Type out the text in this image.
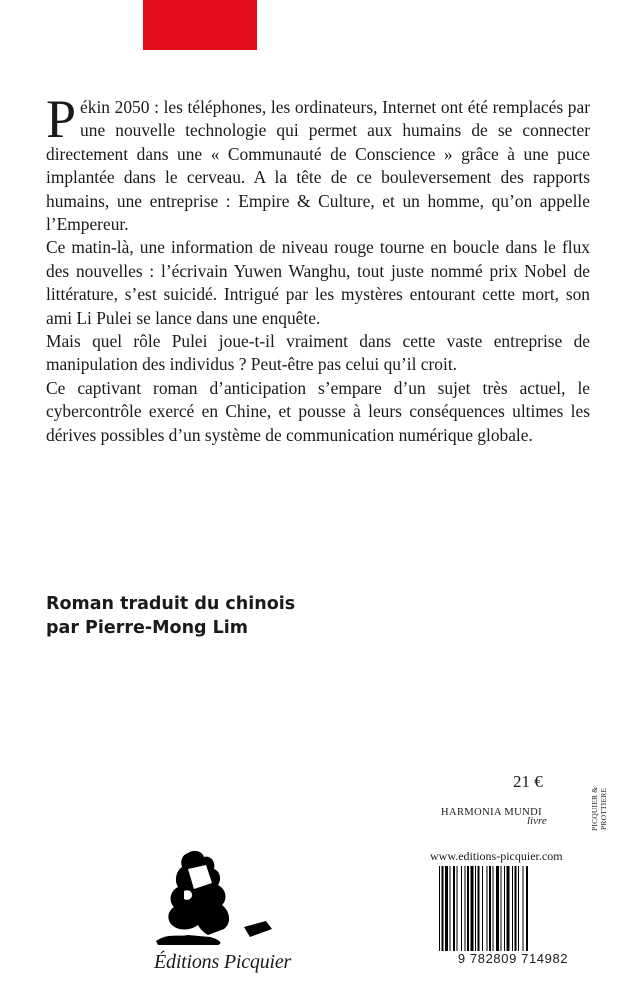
Pékin 2050 : les téléphones, les ordinateurs, Internet ont été remplacés par une nouvelle technologie qui permet aux humains de se connecter directement dans une « Communauté de Conscience » grâce à une puce implantée dans le cerveau. A la tête de ce bouleversement des rapports humains, une entreprise : Empire & Culture, et un homme, qu’on appelle l’Empereur.

Ce matin-là, une information de niveau rouge tourne en boucle dans le flux des nouvelles : l’écrivain Yuwen Wanghu, tout juste nommé prix Nobel de littérature, s’est suicidé. Intrigué par les mystères entourant cette mort, son ami Li Pulei se lance dans une enquête.

Mais quel rôle Pulei joue-t-il vraiment dans cette vaste entreprise de manipulation des individus ? Peut-être pas celui qu’il croit.

Ce captivant roman d’anticipation s’empare d’un sujet très actuel, le cybercontrôle exercé en Chine, et pousse à leurs conséquences ultimes les dérives possibles d’un système de communication numérique globale.

Roman traduit du chinois
par Pierre-Mong Lim
21 €
HARMONIA MUNDI
livre	PICQUIER & PROTTIERE
www.editions-picquier.com
9 782809 714982
Éditions Picquier
